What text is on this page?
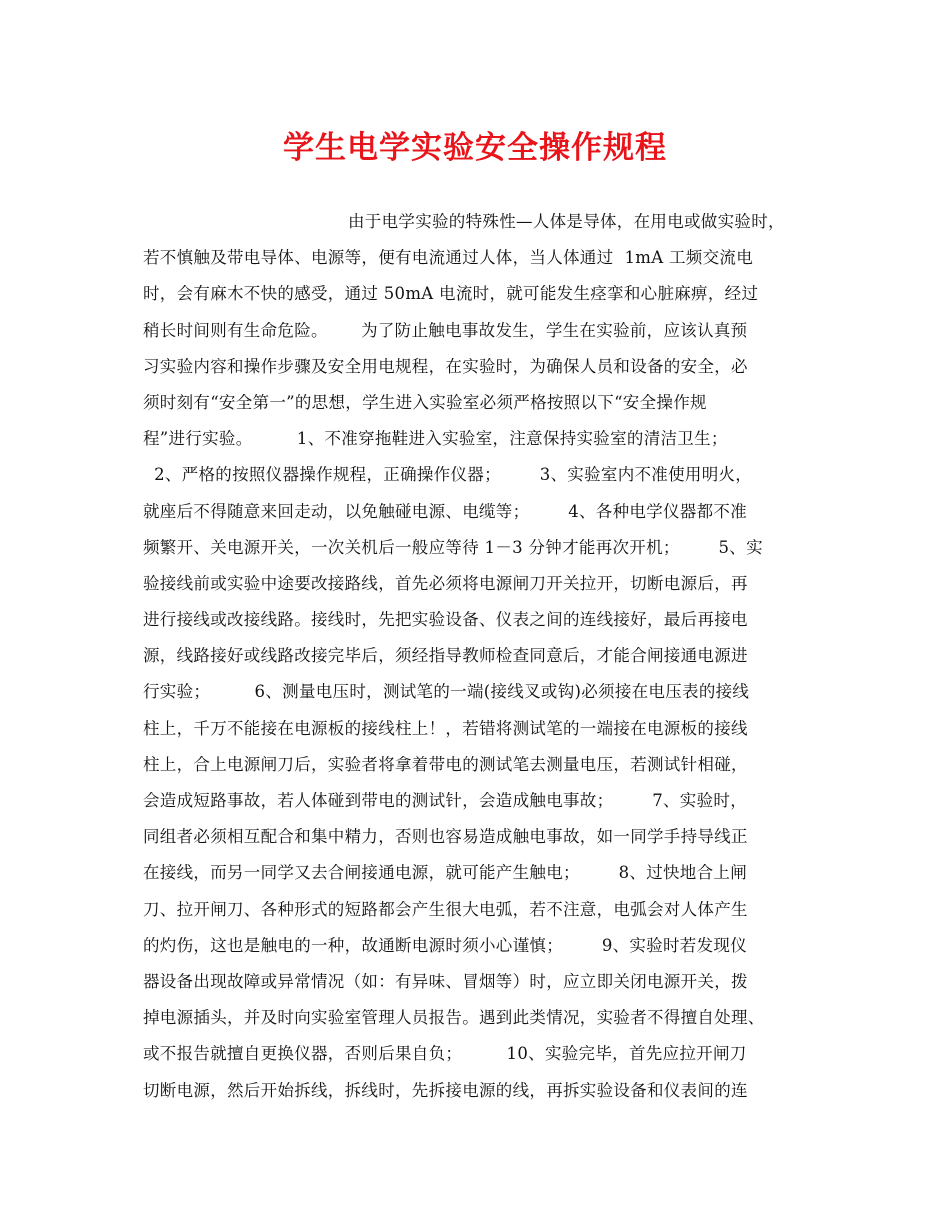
学生电学实验安全操作规程
由于电学实验的特殊性—人体是导体，在用电或做实验时，
若不慎触及带电导体、电源等，便有电流通过人体，当人体通过  1mA 工频交流电
时，会有麻木不快的感受，通过 50mA 电流时，就可能发生痉挛和心脏麻痹，经过
稍长时间则有生命危险。      为了防止触电事故发生，学生在实验前，应该认真预
习实验内容和操作步骤及安全用电规程，在实验时，为确保人员和设备的安全，必
须时刻有“安全第一”的思想，学生进入实验室必须严格按照以下“安全操作规
程”进行实验。        1、不准穿拖鞋进入实验室，注意保持实验室的清洁卫生；
2、严格的按照仪器操作规程，正确操作仪器；       3、实验室内不准使用明火，
就座后不得随意来回走动，以免触碰电源、电缆等；       4、各种电学仪器都不准
频繁开、关电源开关，一次关机后一般应等待 1－3 分钟才能再次开机；       5、实
验接线前或实验中途要改接路线，首先必须将电源闸刀开关拉开，切断电源后，再
进行接线或改接线路。接线时，先把实验设备、仪表之间的连线接好，最后再接电
源，线路接好或线路改接完毕后，须经指导教师检查同意后，才能合闸接通电源进
行实验；        6、测量电压时，测试笔的一端(接线叉或钩)必须接在电压表的接线
柱上，千万不能接在电源板的接线柱上！，若错将测试笔的一端接在电源板的接线
柱上，合上电源闸刀后，实验者将拿着带电的测试笔去测量电压，若测试针相碰，
会造成短路事故，若人体碰到带电的测试针，会造成触电事故；       7、实验时，
同组者必须相互配合和集中精力，否则也容易造成触电事故，如一同学手持导线正
在接线，而另一同学又去合闸接通电源，就可能产生触电；       8、过快地合上闸
刀、拉开闸刀、各种形式的短路都会产生很大电弧，若不注意，电弧会对人体产生
的灼伤，这也是触电的一种，故通断电源时须小心谨慎；       9、实验时若发现仪
器设备出现故障或异常情况（如：有异味、冒烟等）时，应立即关闭电源开关，拨
掉电源插头，并及时向实验室管理人员报告。遇到此类情况，实验者不得擅自处理、
或不报告就擅自更换仪器，否则后果自负；        10、实验完毕，首先应拉开闸刀
切断电源，然后开始拆线，拆线时，先拆接电源的线，再拆实验设备和仪表间的连
